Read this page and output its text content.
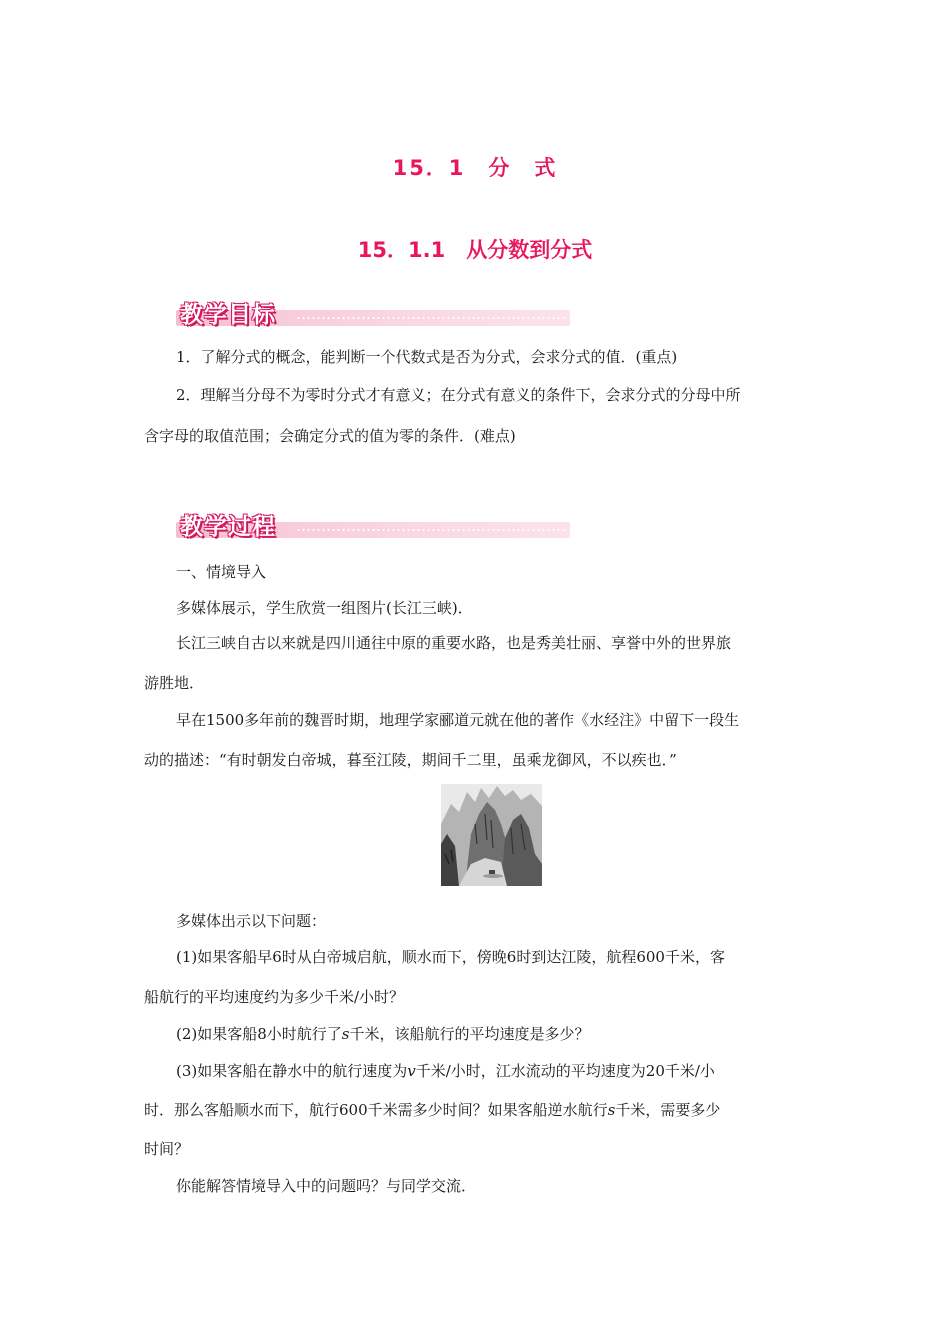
15．1　分　式
15．1.1　从分数到分式
教学目标

1．了解分式的概念，能判断一个代数式是否为分式，会求分式的值．(重点)

2．理解当分母不为零时分式才有意义；在分式有意义的条件下，会求分式的分母中所

含字母的取值范围；会确定分式的值为零的条件．(难点)

教学过程

一、情境导入

多媒体展示，学生欣赏一组图片(长江三峡)．

长江三峡自古以来就是四川通往中原的重要水路，也是秀美壮丽、享誉中外的世界旅

游胜地．

早在1500多年前的魏晋时期，地理学家郦道元就在他的著作《水经注》中留下一段生

动的描述：“有时朝发白帝城，暮至江陵，期间千二里，虽乘龙御风，不以疾也．”

多媒体出示以下问题：

(1)如果客船早6时从白帝城启航，顺水而下，傍晚6时到达江陵，航程600千米，客

船航行的平均速度约为多少千米/小时？

(2)如果客船8小时航行了s千米，该船航行的平均速度是多少？

(3)如果客船在静水中的航行速度为v千米/小时，江水流动的平均速度为20千米/小

时．那么客船顺水而下，航行600千米需多少时间？如果客船逆水航行s千米，需要多少

时间？

你能解答情境导入中的问题吗？与同学交流．
